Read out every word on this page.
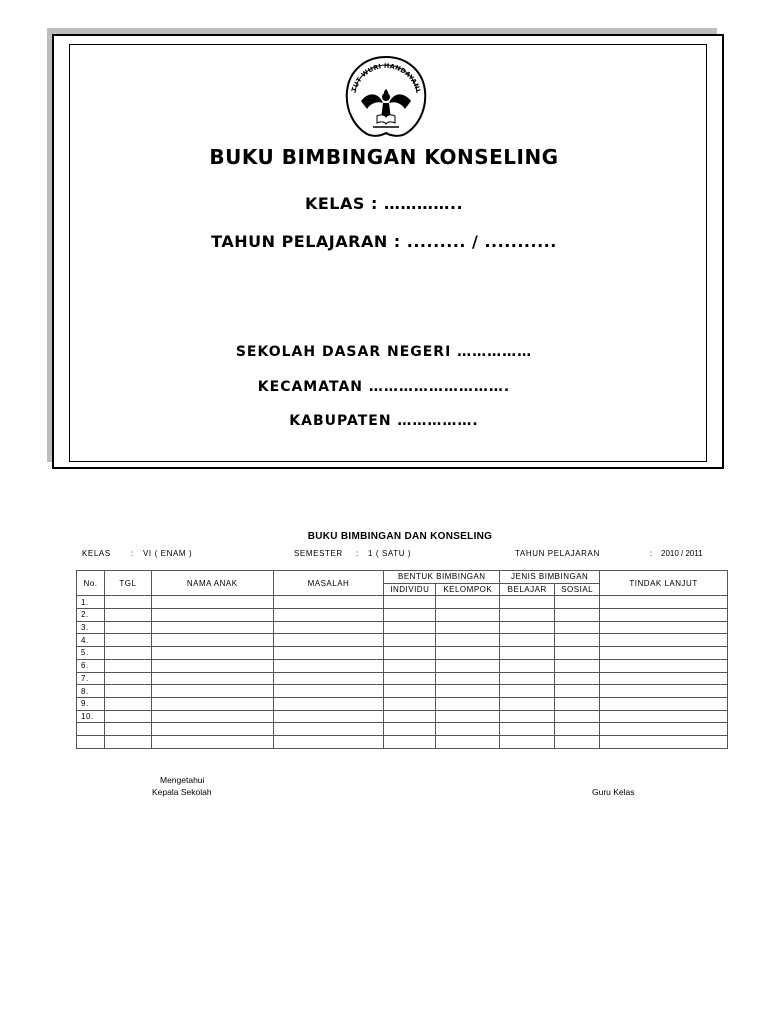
TUT WURI HANDAYANI
BUKU BIMBINGAN KONSELING
KELAS : …………..
TAHUN PELAJARAN : ......... / ...........
SEKOLAH DASAR NEGERI ……………
KECAMATAN ……………………….
KABUPATEN …………….
BUKU BIMBINGAN DAN KONSELING
KELAS	: VI ( ENAM )	SEMESTER : 1 ( SATU )	TAHUN PELAJARAN	: 2010 / 2011
No.	TGL	NAMA ANAK	MASALAH	BENTUK BIMBINGAN		JENIS BIMBINGAN		TINDAK LANJUT
				INDIVIDU	KELOMPOK	BELAJAR	SOSIAL	
1.								
2.								
3.								
4.								
5.								
6.								
7.								
8.								
9.								
10.								

Mengetahui
Kepala Sekolah	Guru Kelas
